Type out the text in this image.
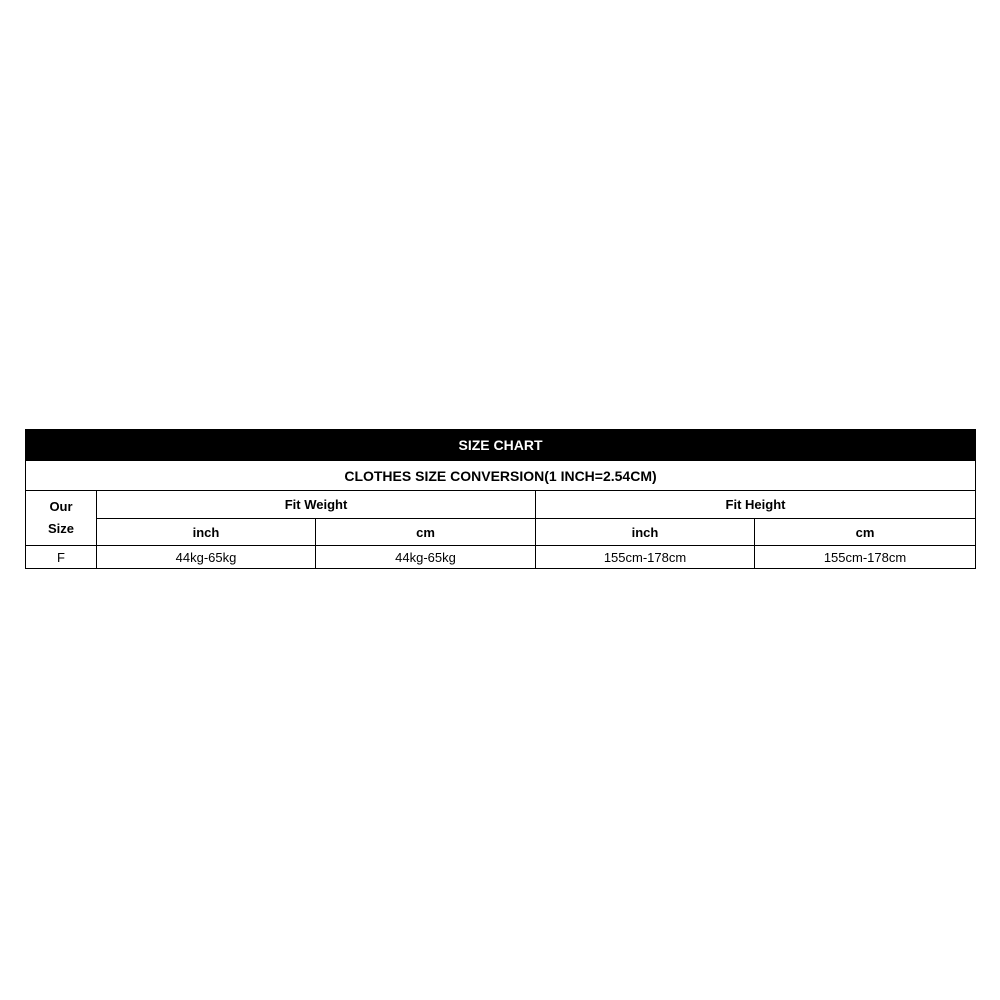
SIZE CHART				
CLOTHES SIZE CONVERSION(1 INCH=2.54CM)				
Our
Size	Fit Weight		Fit Height	
	inch	cm	inch	cm
F	44kg-65kg	44kg-65kg	155cm-178cm	155cm-178cm
